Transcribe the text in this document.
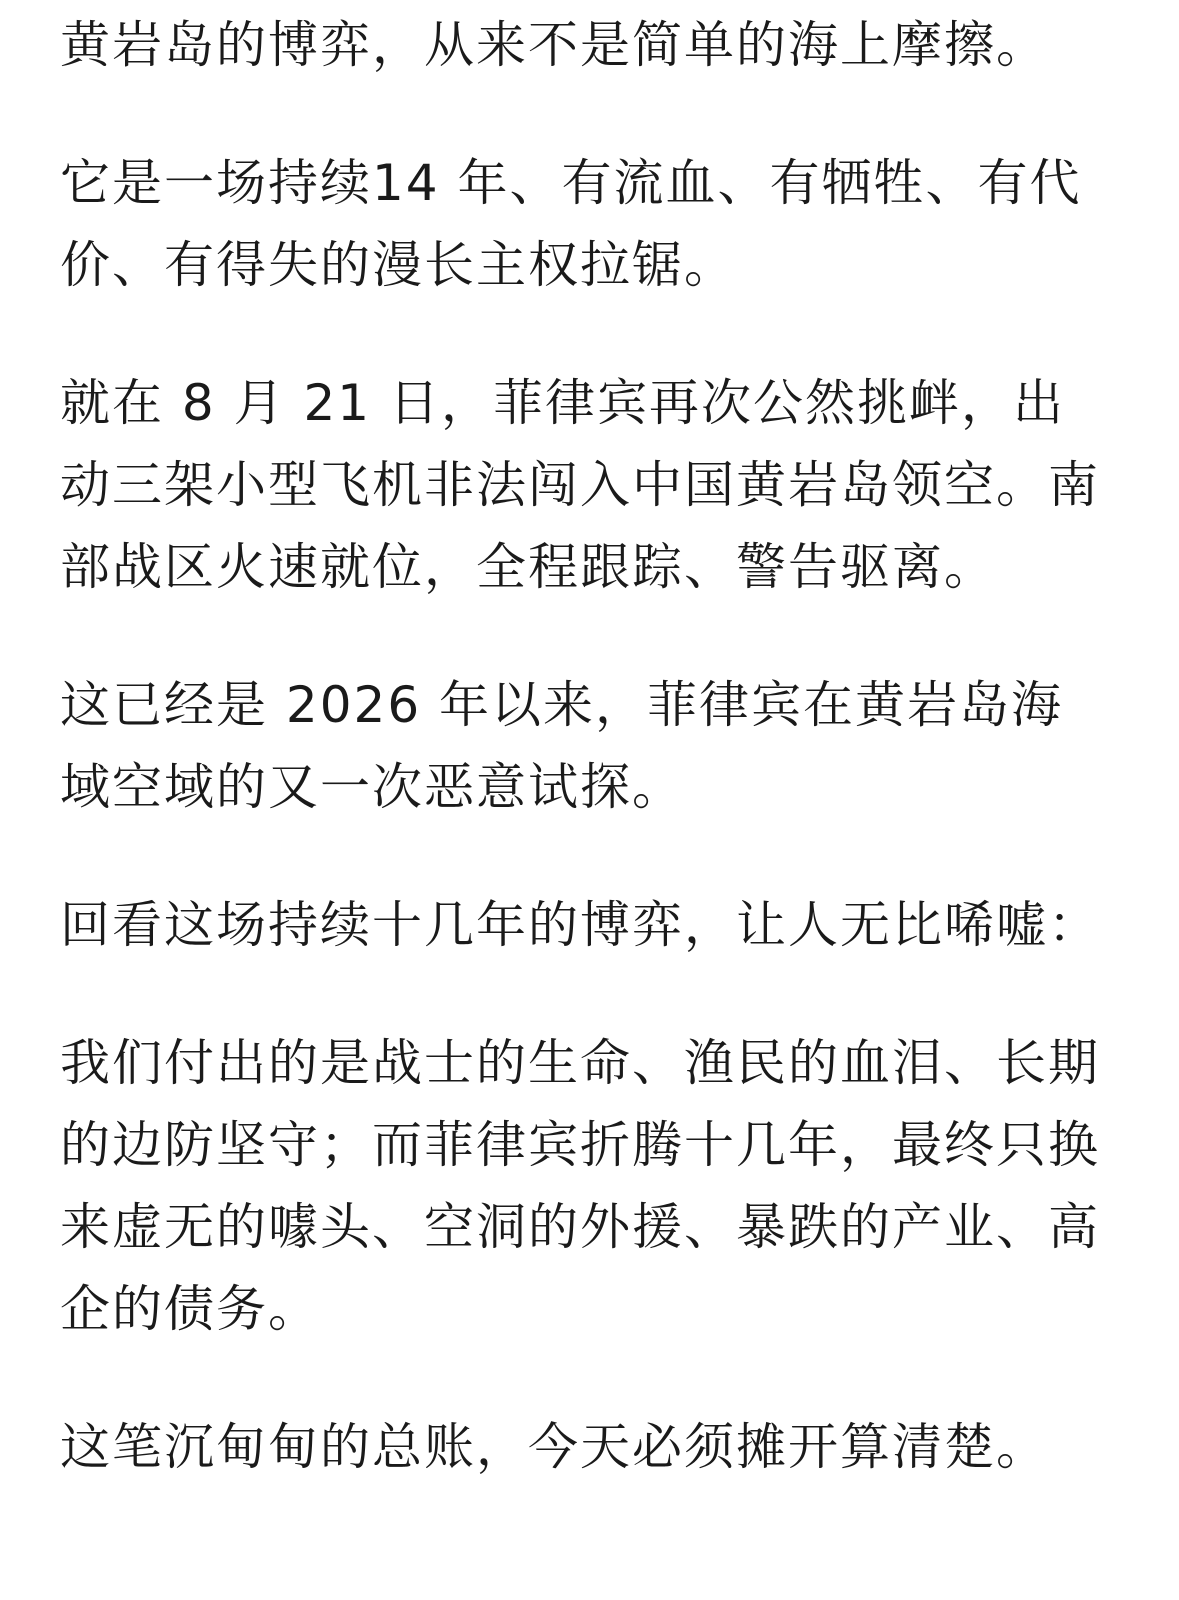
黄岩岛的博弈，从来不是简单的海上摩擦。

它是一场持续14 年、有流血、有牺牲、有代价、有得失的漫长主权拉锯。

就在 8 月 21 日，菲律宾再次公然挑衅，出动三架小型飞机非法闯入中国黄岩岛领空。南部战区火速就位，全程跟踪、警告驱离。

这已经是 2026 年以来，菲律宾在黄岩岛海域空域的又一次恶意试探。

回看这场持续十几年的博弈，让人无比唏嘘：

我们付出的是战士的生命、渔民的血泪、长期的边防坚守；而菲律宾折腾十几年，最终只换来虚无的噱头、空洞的外援、暴跌的产业、高企的债务。

这笔沉甸甸的总账，今天必须摊开算清楚。
